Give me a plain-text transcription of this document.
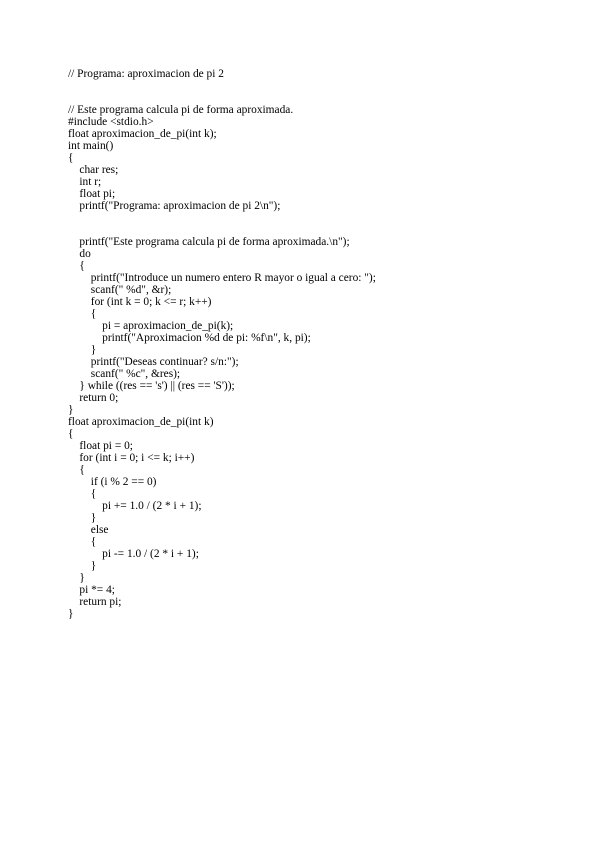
// Programa: aproximacion de pi 2
// Este programa calcula pi de forma aproximada.
#include <stdio.h>
float aproximacion_de_pi(int k);
int main()
{
char res;
int r;
float pi;
printf("Programa: aproximacion de pi 2\n");
printf("Este programa calcula pi de forma aproximada.\n");
do
{
printf("Introduce un numero entero R mayor o igual a cero: ");
scanf(" %d", &r);
for (int k = 0; k <= r; k++)
{
pi = aproximacion_de_pi(k);
printf("Aproximacion %d de pi: %f\n", k, pi);
}
printf("Deseas continuar? s/n:");
scanf(" %c", &res);
} while ((res == 's') || (res == 'S'));
return 0;
}
float aproximacion_de_pi(int k)
{
float pi = 0;
for (int i = 0; i <= k; i++)
{
if (i % 2 == 0)
{
pi += 1.0 / (2 * i + 1);
}
else
{
pi -= 1.0 / (2 * i + 1);
}
}
pi *= 4;
return pi;
}
